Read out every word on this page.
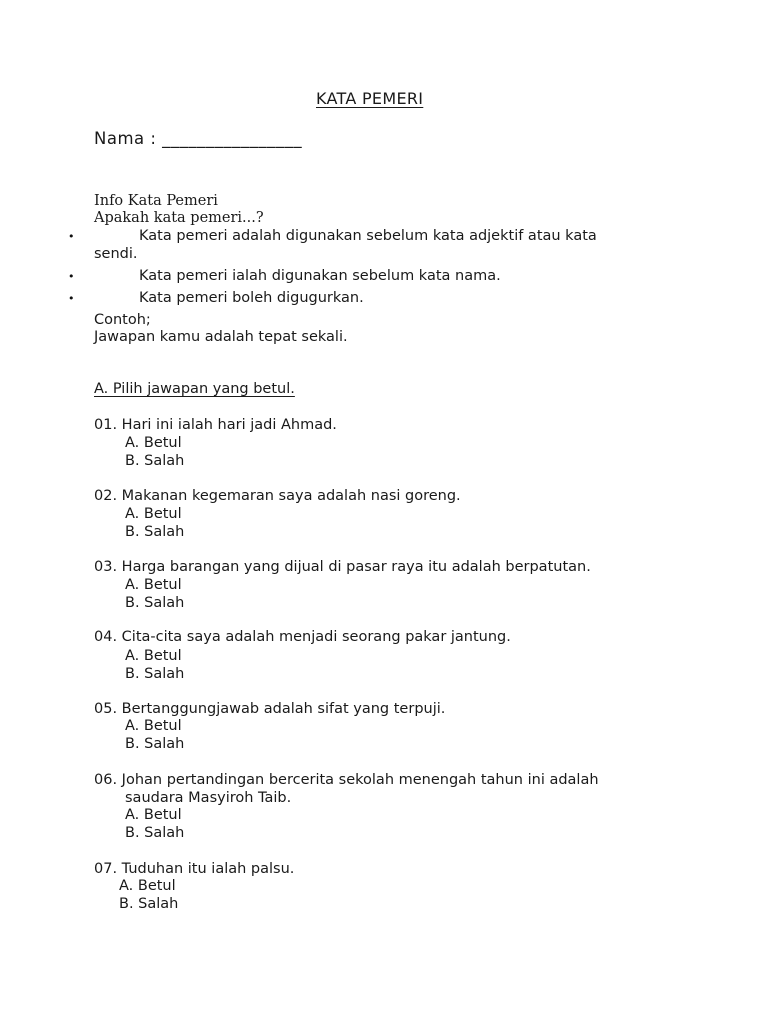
KATA PEMERI
Nama : ________________
Info Kata Pemeri
Apakah kata pemeri...?
•	Kata pemeri adalah digunakan sebelum kata adjektif atau kata
sendi.
•	Kata pemeri ialah digunakan sebelum kata nama.
•	Kata pemeri boleh digugurkan.
Contoh;
Jawapan kamu adalah tepat sekali.
A. Pilih jawapan yang betul.
01. Hari ini ialah hari jadi Ahmad.
A. Betul
B. Salah
02. Makanan kegemaran saya adalah nasi goreng.
A. Betul
B. Salah
03. Harga barangan yang dijual di pasar raya itu adalah berpatutan.
A. Betul
B. Salah
04. Cita-cita saya adalah menjadi seorang pakar jantung.
A. Betul
B. Salah
05. Bertanggungjawab adalah sifat yang terpuji.
A. Betul
B. Salah
06. Johan pertandingan bercerita sekolah menengah tahun ini adalah
saudara Masyiroh Taib.
A. Betul
B. Salah
07. Tuduhan itu ialah palsu.
A. Betul
B. Salah
